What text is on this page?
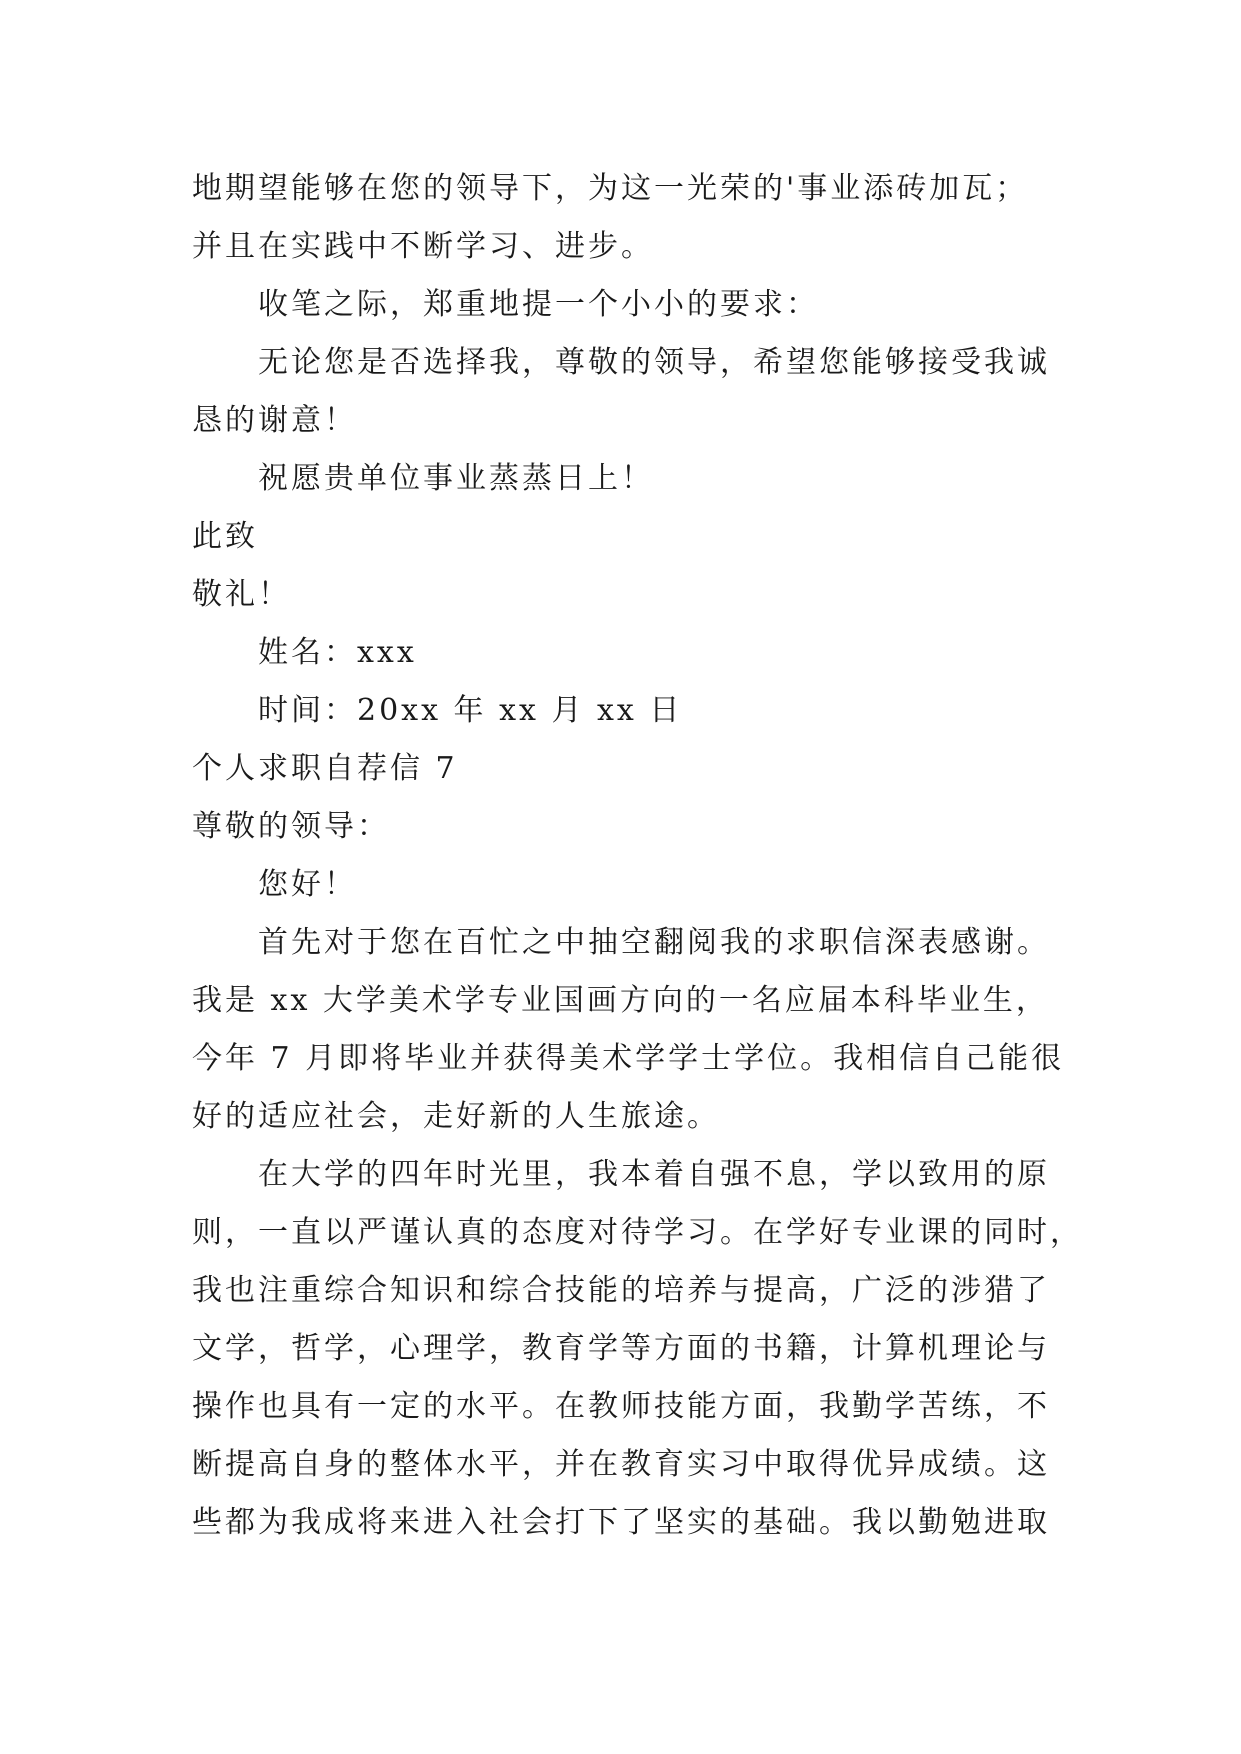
地期望能够在您的领导下，为这一光荣的'事业添砖加瓦；
并且在实践中不断学习、进步。
收笔之际，郑重地提一个小小的要求：
无论您是否选择我，尊敬的领导，希望您能够接受我诚
恳的谢意！
祝愿贵单位事业蒸蒸日上！
此致
敬礼！
姓名：xxx
时间：20xx 年 xx 月 xx 日
个人求职自荐信 7
尊敬的领导：
您好！
首先对于您在百忙之中抽空翻阅我的求职信深表感谢。
我是 xx 大学美术学专业国画方向的一名应届本科毕业生，
今年 7 月即将毕业并获得美术学学士学位。我相信自己能很
好的适应社会，走好新的人生旅途。
在大学的四年时光里，我本着自强不息，学以致用的原
则，一直以严谨认真的态度对待学习。在学好专业课的同时，
我也注重综合知识和综合技能的培养与提高，广泛的涉猎了
文学，哲学，心理学，教育学等方面的书籍，计算机理论与
操作也具有一定的水平。在教师技能方面，我勤学苦练，不
断提高自身的整体水平，并在教育实习中取得优异成绩。这
些都为我成将来进入社会打下了坚实的基础。我以勤勉进取
